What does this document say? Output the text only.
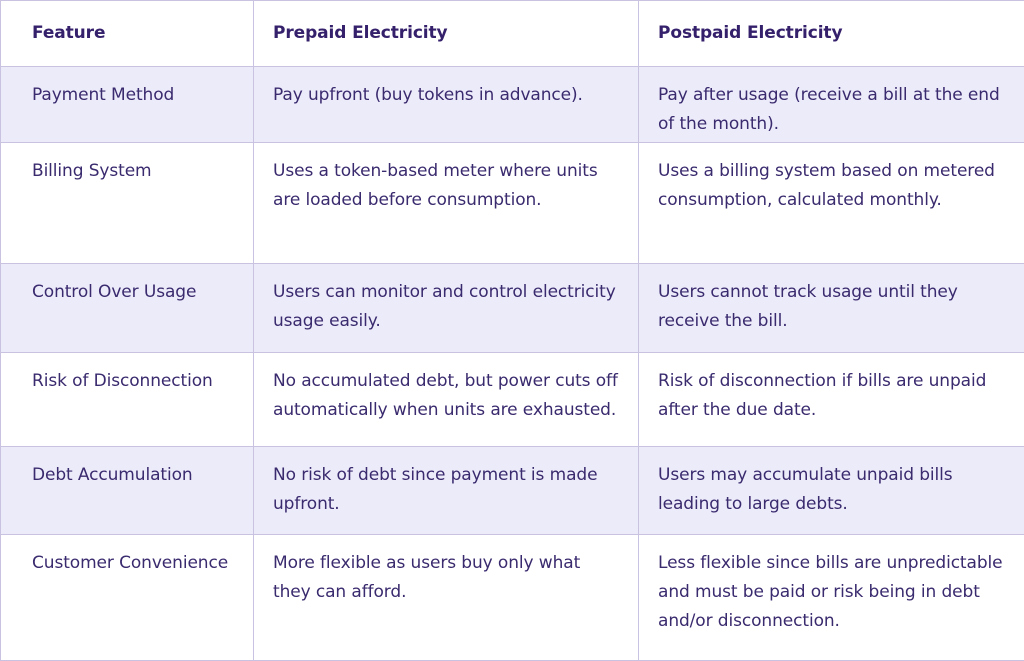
Feature	Prepaid Electricity	Postpaid Electricity
Payment Method	Pay upfront (buy tokens in advance).	Pay after usage (receive a bill at the end of the month).
Billing System	Uses a token-based meter where units are loaded before consumption.	Uses a billing system based on metered consumption, calculated monthly.
Control Over Usage	Users can monitor and control electricity usage easily.	Users cannot track usage until they receive the bill.
Risk of Disconnection	No accumulated debt, but power cuts off automatically when units are exhausted.	Risk of disconnection if bills are unpaid after the due date.
Debt Accumulation	No risk of debt since payment is made upfront.	Users may accumulate unpaid bills leading to large debts.
Customer Convenience	More flexible as users buy only what they can afford.	Less flexible since bills are unpredictable and must be paid or risk being in debt and/or disconnection.
